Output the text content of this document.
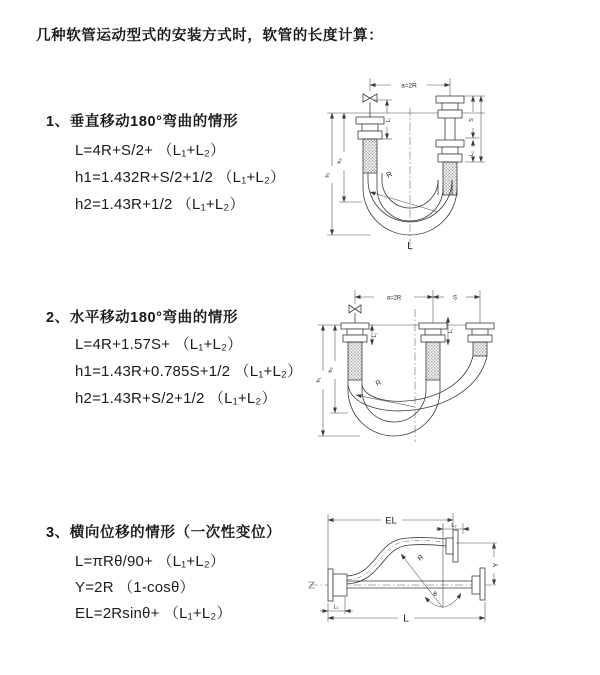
几种软管运动型式的安装方式时，软管的长度计算：
1、垂直移动180°弯曲的情形
L=4R+S/2+ （L₁+L₂）
h1=1.432R+S/2+1/2 （L₁+L₂）
h2=1.43R+1/2 （L₁+L₂）
2、水平移动180°弯曲的情形
L=4R+1.57S+ （L₁+L₂）
h1=1.43R+0.785S+1/2 （L₁+L₂）
h2=1.43R+S/2+1/2 （L₁+L₂）
3、横向位移的情形（一次性变位）
L=πRθ/90+ （L₁+L₂）
Y=2R （1-cosθ）
EL=2Rsinθ+ （L₁+L₂）
a=2R
h₁
h₂
L₁	S
L₂
R
L
a=2R	S
h₁
h₂
L₁
L₂
R
EL	L₂
Y
R
θ
L
L₁
